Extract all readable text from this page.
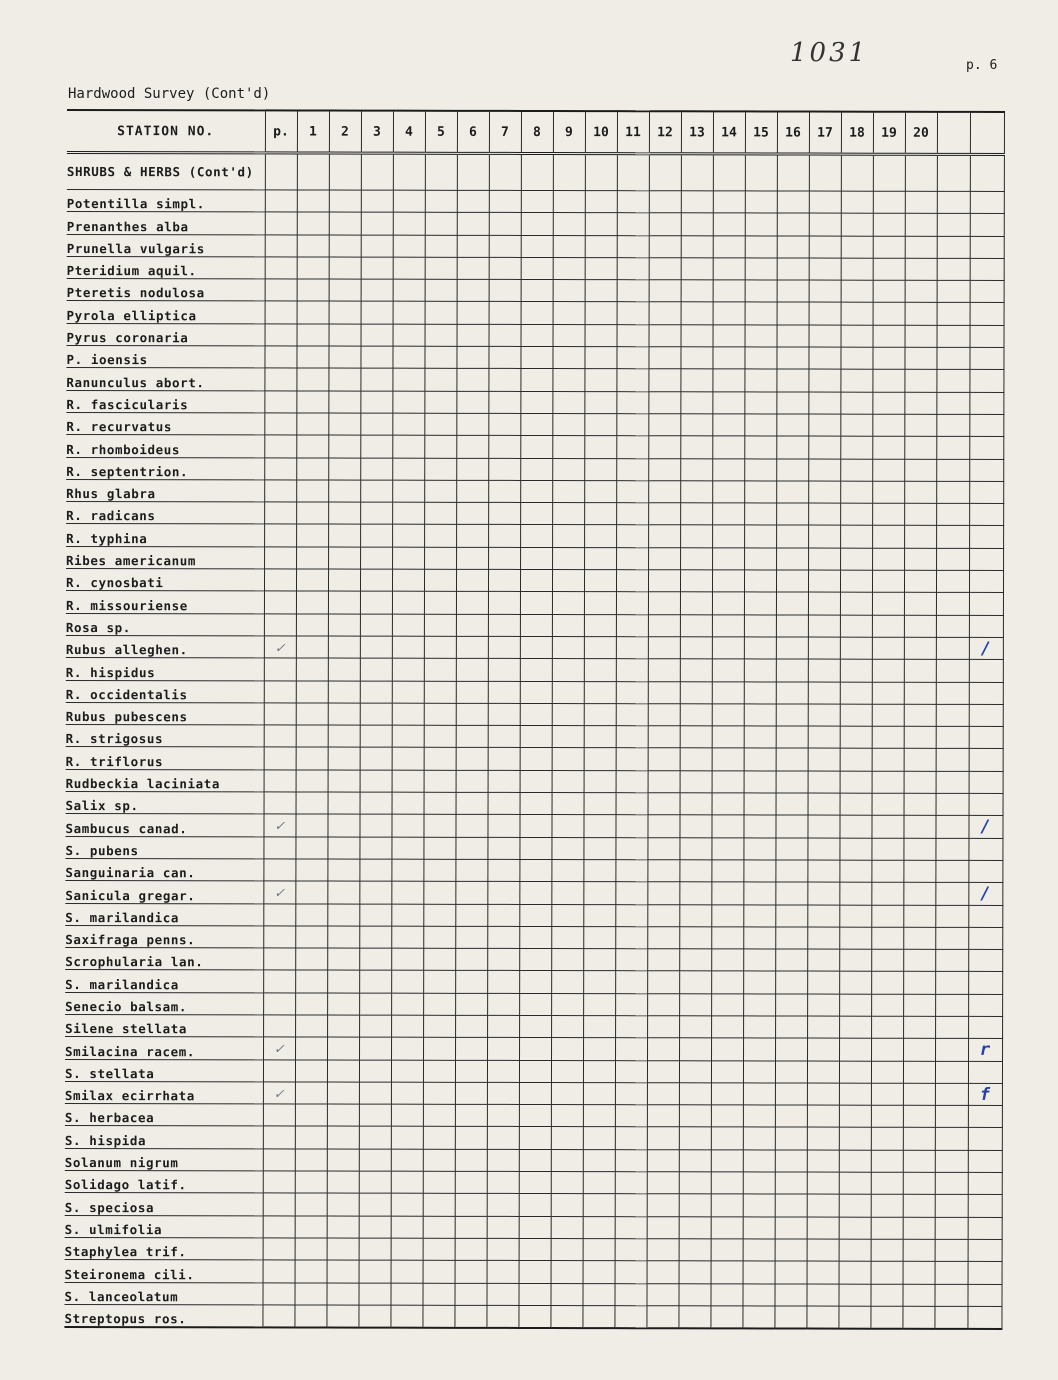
1031	p. 6
Hardwood Survey (Cont'd)
STATION NO.	p.	1	2	3	4	5	6	7	8	9	10	11	12	13	14	15	16	17	18	19	20		
SHRUBS & HERBS (Cont'd)																							
Potentilla simpl.																							
Prenanthes alba																							
Prunella vulgaris																							
Pteridium aquil.																							
Pteretis nodulosa																							
Pyrola elliptica																							
Pyrus coronaria																							
P. ioensis																							
Ranunculus abort.																							
R. fascicularis																							
R. recurvatus																							
R. rhomboideus																							
R. septentrion.																							
Rhus glabra																							
R. radicans																							
R. typhina																							
Ribes americanum																							
R. cynosbati																							
R. missouriense																							
Rosa sp.																							
Rubus alleghen.	✓																						/
R. hispidus																							
R. occidentalis																							
Rubus pubescens																							
R. strigosus																							
R. triflorus																							
Rudbeckia laciniata																							
Salix sp.																							
Sambucus canad.	✓																						/
S. pubens																							
Sanguinaria can.																							
Sanicula gregar.	✓																						/
S. marilandica																							
Saxifraga penns.																							
Scrophularia lan.																							
S. marilandica																							
Senecio balsam.																							
Silene stellata																							
Smilacina racem.	✓																						r
S. stellata																							
Smilax ecirrhata	✓																						f
S. herbacea																							
S. hispida																							
Solanum nigrum																							
Solidago latif.																							
S. speciosa																							
S. ulmifolia																							
Staphylea trif.																							
Steironema cili.																							
S. lanceolatum																							
Streptopus ros.																							
